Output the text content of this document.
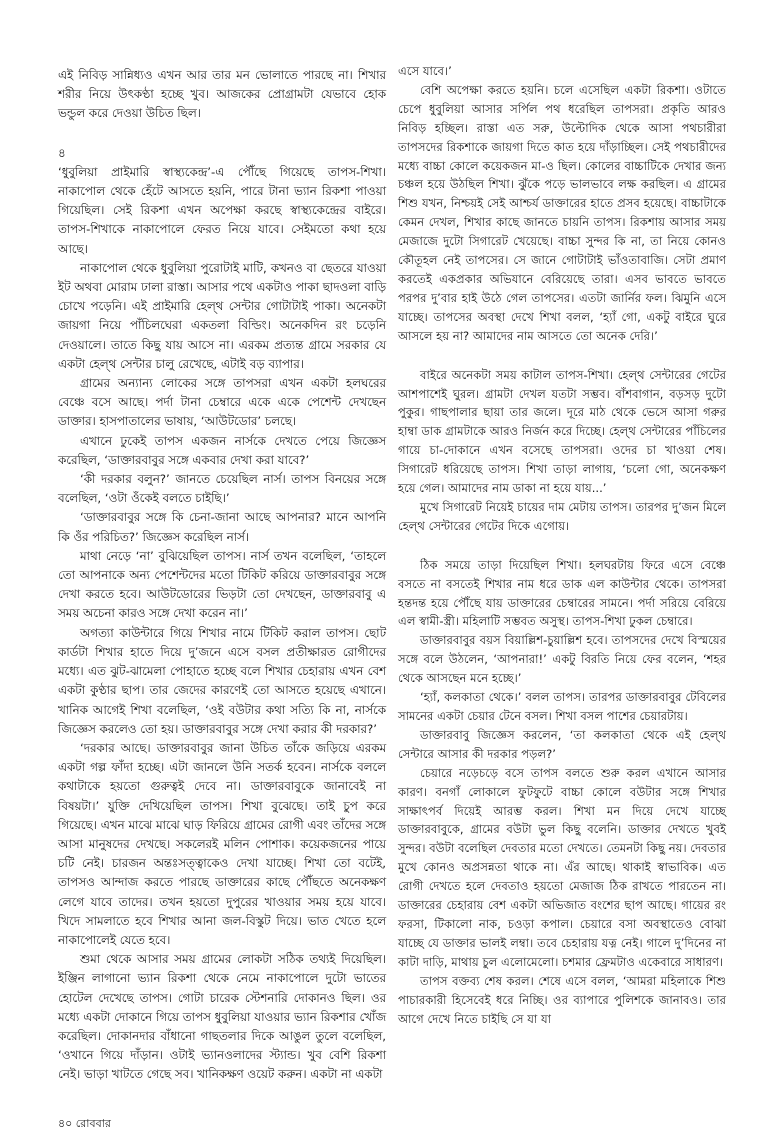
এই নিবিড় সান্নিধ্যও এখন আর তার মন ভোলাতে পারছে না। শিখার শরীর নিয়ে উৎকণ্ঠা হচ্ছে খুব। আজকের প্রোগ্রামটা যেভাবে হোক ভন্ডুল করে দেওয়া উচিত ছিল।

৪

‘ধুবুলিয়া প্রাইমারি স্বাস্থ্যকেন্দ্র’-এ পৌঁছে গিয়েছে তাপস-শিখা। নাকাপোল থেকে হেঁটে আসতে হয়নি, পারে টানা ভ্যান রিকশা পাওয়া গিয়েছিল। সেই রিকশা এখন অপেক্ষা করছে স্বাস্থ্যকেন্দ্রের বাইরে। তাপস-শিখাকে নাকাপোলে ফেরত নিয়ে যাবে। সেইমতো কথা হয়ে আছে।

নাকাপোল থেকে ধুবুলিয়া পুরোটাই মাটি, কখনও বা ছেতরে যাওয়া ইট অথবা মোরাম ঢালা রাস্তা। আসার পথে একটাও পাকা ছাদওলা বাড়ি চোখে পড়েনি। এই প্রাইমারি হেল্থ সেন্টার গোটাটাই পাকা। অনেকটা জায়গা নিয়ে পাঁচিলঘেরা একতলা বিল্ডিং। অনেকদিন রং চড়েনি দেওয়ালে। তাতে কিছু যায় আসে না। এরকম প্রত্যন্ত গ্রামে সরকার যে একটা হেল্থ সেন্টার চালু রেখেছে, এটাই বড় ব্যাপার।

গ্রামের অন্যান্য লোকের সঙ্গে তাপসরা এখন একটা হলঘরের বেঞ্চে বসে আছে। পর্দা টানা চেম্বারে একে একে পেশেন্ট দেখছেন ডাক্তার। হাসপাতালের ভাষায়, ‘আউটডোর’ চলছে।

এখানে ঢুকেই তাপস একজন নার্সকে দেখতে পেয়ে জিজ্ঞেস করেছিল, ‘ডাক্তারবাবুর সঙ্গে একবার দেখা করা যাবে?’

‘কী দরকার বলুন?’ জানতে চেয়েছিল নার্স। তাপস বিনয়ের সঙ্গে বলেছিল, ‘ওটা ওঁকেই বলতে চাইছি।’

‘ডাক্তারবাবুর সঙ্গে কি চেনা-জানা আছে আপনার? মানে আপনি কি ওঁর পরিচিত?’ জিজ্ঞেস করেছিল নার্স।

মাথা নেড়ে ‘না’ বুঝিয়েছিল তাপস। নার্স তখন বলেছিল, ‘তাহলে তো আপনাকে অন্য পেশেন্টদের মতো টিকিট করিয়ে ডাক্তারবাবুর সঙ্গে দেখা করতে হবে। আউটডোরের ভিড়টা তো দেখছেন, ডাক্তারবাবু এ সময় অচেনা কারও সঙ্গে দেখা করেন না।’

অগত্যা কাউন্টারে গিয়ে শিখার নামে টিকিট করাল তাপস। ছোট কার্ডটা শিখার হাতে দিয়ে দু’জনে এসে বসল প্রতীক্ষারত রোগীদের মধ্যে। এত ঝুট-ঝামেলা পোহাতে হচ্ছে বলে শিখার চেহারায় এখন বেশ একটা কুণ্ঠার ছাপ। তার জেদের কারণেই তো আসতে হয়েছে এখানে। খানিক আগেই শিখা বলেছিল, ‘ওই বউটার কথা সত্যি কি না, নার্সকে জিজ্ঞেস করলেও তো হয়। ডাক্তারবাবুর সঙ্গে দেখা করার কী দরকার?’

‘দরকার আছে। ডাক্তারবাবুর জানা উচিত তাঁকে জড়িয়ে এরকম একটা গল্প ফাঁদা হচ্ছে। এটা জানলে উনি সতর্ক হবেন। নার্সকে বললে কথাটাকে হয়তো গুরুত্বই দেবে না। ডাক্তারবাবুকে জানাবেই না বিষয়টা।’ যুক্তি দেখিয়েছিল তাপস। শিখা বুঝেছে। তাই চুপ করে গিয়েছে। এখন মাঝে মাঝে ঘাড় ফিরিয়ে গ্রামের রোগী এবং তাঁদের সঙ্গে আসা মানুষদের দেখছে। সকলেরই মলিন পোশাক। কয়েকজনের পায়ে চটি নেই। চারজন অন্তঃসত্ত্বাকেও দেখা যাচ্ছে। শিখা তো বটেই, তাপসও আন্দাজ করতে পারছে ডাক্তারের কাছে পৌঁছতে অনেকক্ষণ লেগে যাবে তাদের। তখন হয়তো দুপুরের খাওয়ার সময় হয়ে যাবে। খিদে সামলাতে হবে শিখার আনা জল-বিস্কুট দিয়ে। ভাত খেতে হলে নাকাপোলেই যেতে হবে।

শুমা থেকে আসার সময় গ্রামের লোকটা সঠিক তথ্যই দিয়েছিল। ইঞ্জিন লাগানো ভ্যান রিকশা থেকে নেমে নাকাপোলে দুটো ভাতের হোটেল দেখেছে তাপস। গোটা চারেক স্টেশনারি দোকানও ছিল। ওর মধ্যে একটা দোকানে গিয়ে তাপস ধুবুলিয়া যাওয়ার ভ্যান রিকশার খোঁজ করেছিল। দোকানদার বাঁধানো গাছতলার দিকে আঙুল তুলে বলেছিল, ‘ওখানে গিয়ে দাঁড়ান। ওটাই ভ্যানওলাদের স্ট্যান্ড। খুব বেশি রিকশা নেই। ভাড়া খাটতে গেছে সব। খানিকক্ষণ ওয়েট করুন। একটা না একটা

এসে যাবে।’

বেশি অপেক্ষা করতে হয়নি। চলে এসেছিল একটা রিকশা। ওটাতে চেপে ধুবুলিয়া আসার সর্পিল পথ ধরেছিল তাপসরা। প্রকৃতি আরও নিবিড় হচ্ছিল। রাস্তা এত সরু, উল্টোদিক থেকে আসা পথচারীরা তাপসদের রিকশাকে জায়গা দিতে কাত হয়ে দাঁড়াচ্ছিল। সেই পথচারীদের মধ্যে বাচ্চা কোলে কয়েকজন মা-ও ছিল। কোলের বাচ্চাটিকে দেখার জন্য চঞ্চল হয়ে উঠছিল শিখা। ঝুঁকে পড়ে ভালভাবে লক্ষ করছিল। এ গ্রামের শিশু যখন, নিশ্চয়ই সেই আশ্চর্য ডাক্তারের হাতে প্রসব হয়েছে। বাচ্চাটাকে কেমন দেখল, শিখার কাছে জানতে চায়নি তাপস। রিকশায় আসার সময় মেজাজে দুটো সিগারেট খেয়েছে। বাচ্চা সুন্দর কি না, তা নিয়ে কোনও কৌতূহল নেই তাপসের। সে জানে গোটাটাই ভাঁওতাবাজি। সেটা প্রমাণ করতেই একপ্রকার অভিযানে বেরিয়েছে তারা। এসব ভাবতে ভাবতে পরপর দু’বার হাই উঠে গেল তাপসের। এতটা জার্নির ফল। ঝিমুনি এসে যাচ্ছে। তাপসের অবস্থা দেখে শিখা বলল, ‘হ্যাঁ গো, একটু বাইরে ঘুরে আসলে হয় না? আমাদের নাম আসতে তো অনেক দেরি।’

বাইরে অনেকটা সময় কাটাল তাপস-শিখা। হেল্থ সেন্টারের গেটের আশপাশেই ঘুরল। গ্রামটা দেখল যতটা সম্ভব। বাঁশবাগান, বড়সড় দুটো পুকুর। গাছপালার ছায়া তার জলে। দূরে মাঠ থেকে ভেসে আসা গরুর হাম্বা ডাক গ্রামটাকে আরও নির্জন করে দিচ্ছে। হেল্থ সেন্টারের পাঁচিলের গায়ে চা-দোকানে এখন বসেছে তাপসরা। ওদের চা খাওয়া শেষ। সিগারেট ধরিয়েছে তাপস। শিখা তাড়া লাগায়, ‘চলো গো, অনেকক্ষণ হয়ে গেল। আমাদের নাম ডাকা না হয়ে যায়...’

মুখে সিগারেট নিয়েই চায়ের দাম মেটায় তাপস। তারপর দু’জন মিলে হেল্থ সেন্টারের গেটের দিকে এগোয়।

ঠিক সময়ে তাড়া দিয়েছিল শিখা। হলঘরটায় ফিরে এসে বেঞ্চে বসতে না বসতেই শিখার নাম ধরে ডাক এল কাউন্টার থেকে। তাপসরা হন্তদন্ত হয়ে পৌঁছে যায় ডাক্তারের চেম্বারের সামনে। পর্দা সরিয়ে বেরিয়ে এল স্বামী-স্ত্রী। মহিলাটি সম্ভবত অসুস্থ। তাপস-শিখা ঢুকল চেম্বারে।

ডাক্তারবাবুর বয়স বিয়াল্লিশ-চুয়াল্লিশ হবে। তাপসদের দেখে বিস্ময়ের সঙ্গে বলে উঠলেন, ‘আপনারা!’ একটু বিরতি নিয়ে ফের বলেন, ‘শহর থেকে আসছেন মনে হচ্ছে।’

‘হ্যাঁ, কলকাতা থেকে।’ বলল তাপস। তারপর ডাক্তারবাবুর টেবিলের সামনের একটা চেয়ার টেনে বসল। শিখা বসল পাশের চেয়ারটায়।

ডাক্তারবাবু জিজ্ঞেস করলেন, ‘তা কলকাতা থেকে এই হেল্থ সেন্টারে আসার কী দরকার পড়ল?’

চেয়ারে নড়েচড়ে বসে তাপস বলতে শুরু করল এখানে আসার কারণ। বনগাঁ লোকালে ফুটফুটে বাচ্চা কোলে বউটার সঙ্গে শিখার সাক্ষাৎপর্ব দিয়েই আরম্ভ করল। শিখা মন দিয়ে দেখে যাচ্ছে ডাক্তারবাবুকে, গ্রামের বউটা ভুল কিছু বলেনি। ডাক্তার দেখতে খুবই সুন্দর। বউটা বলেছিল দেবতার মতো দেখতে। তেমনটা কিছু নয়। দেবতার মুখে কোনও অপ্রসন্নতা থাকে না। এঁর আছে। থাকাই স্বাভাবিক। এত রোগী দেখতে হলে দেবতাও হয়তো মেজাজ ঠিক রাখতে পারতেন না। ডাক্তারের চেহারায় বেশ একটা অভিজাত বংশের ছাপ আছে। গায়ের রং ফরসা, টিকালো নাক, চওড়া কপাল। চেয়ারে বসা অবস্থাতেও বোঝা যাচ্ছে যে ডাক্তার ভালই লম্বা। তবে চেহারায় যত্ন নেই। গালে দু’দিনের না কাটা দাড়ি, মাথায় চুল এলোমেলো। চশমার ফ্রেমটাও একেবারে সাধারণ।

তাপস বক্তব্য শেষ করল। শেষে এসে বলল, ‘আমরা মহিলাকে শিশু পাচারকারী হিসেবেই ধরে নিচ্ছি। ওর ব্যাপারে পুলিশকে জানাবও। তার আগে দেখে নিতে চাইছি সে যা যা

৪০ রোববার
